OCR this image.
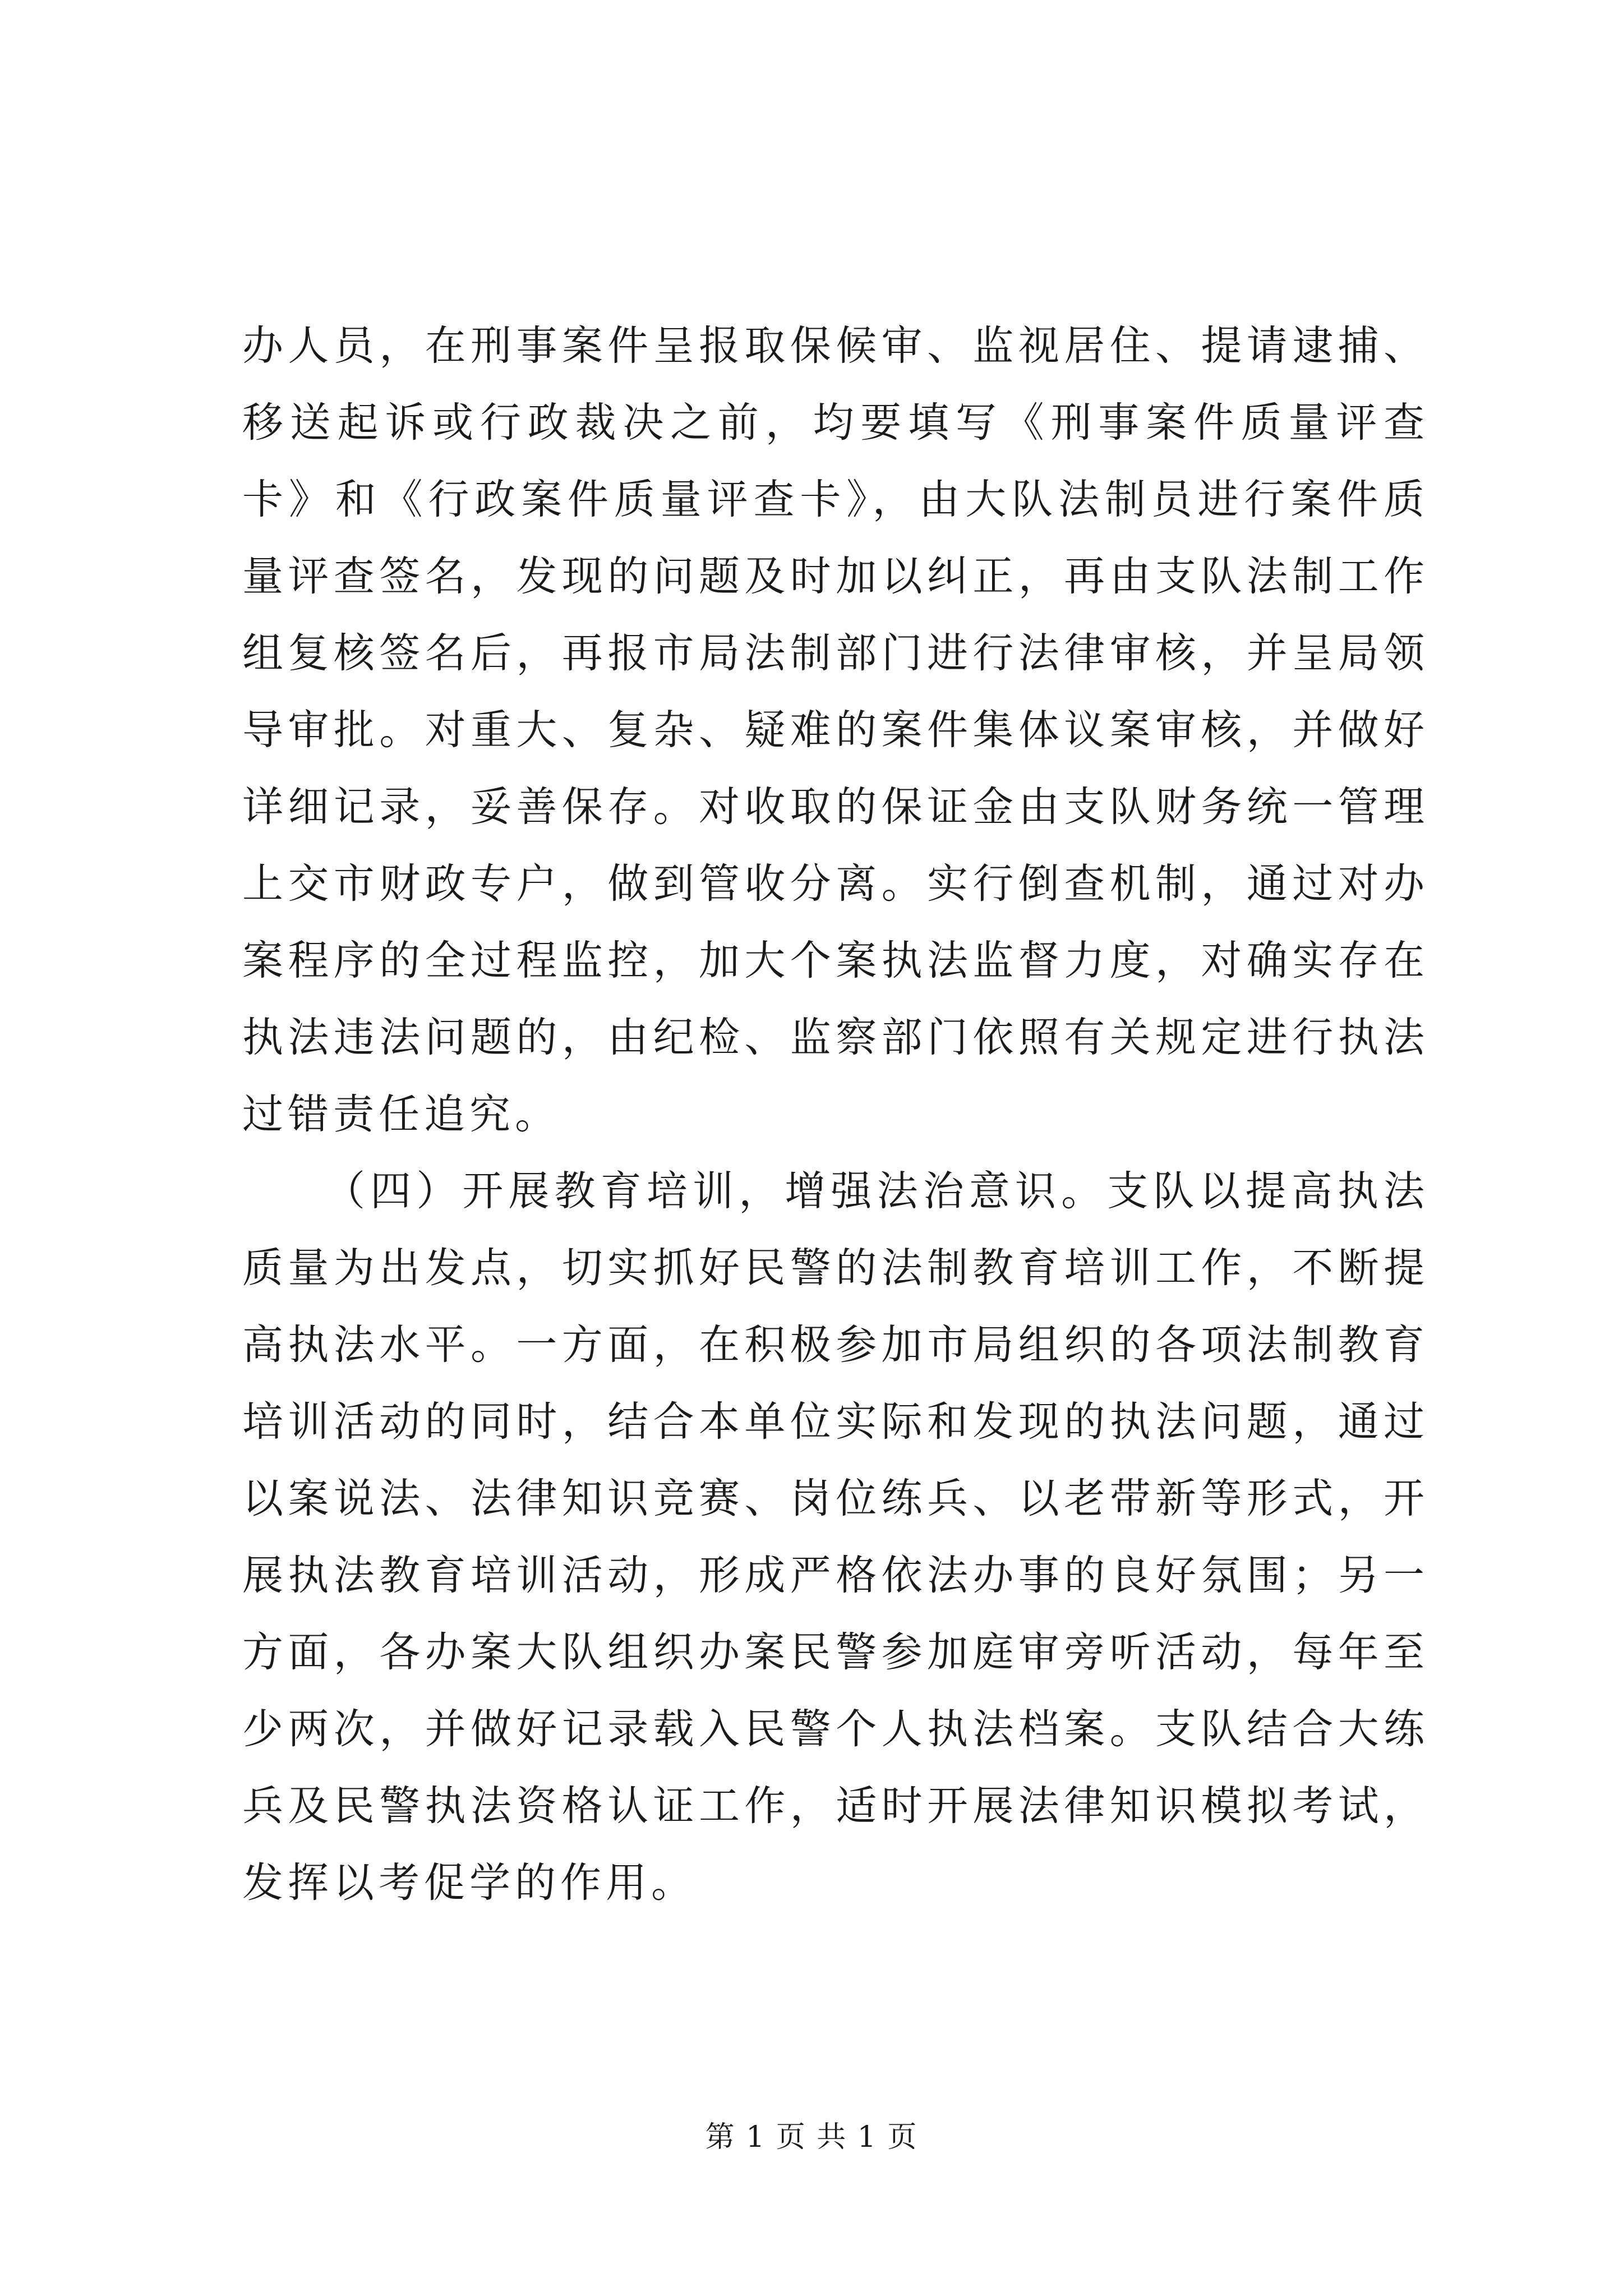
办人员，在刑事案件呈报取保候审、监视居住、提请逮捕、移送起诉或行政裁决之前，均要填写《刑事案件质量评查卡》和《行政案件质量评查卡》，由大队法制员进行案件质量评查签名，发现的问题及时加以纠正，再由支队法制工作组复核签名后，再报市局法制部门进行法律审核，并呈局领导审批。对重大、复杂、疑难的案件集体议案审核，并做好详细记录，妥善保存。对收取的保证金由支队财务统一管理上交市财政专户，做到管收分离。实行倒查机制，通过对办案程序的全过程监控，加大个案执法监督力度，对确实存在执法违法问题的，由纪检、监察部门依照有关规定进行执法过错责任追究。

（四）开展教育培训，增强法治意识。支队以提高执法质量为出发点，切实抓好民警的法制教育培训工作，不断提高执法水平。一方面，在积极参加市局组织的各项法制教育培训活动的同时，结合本单位实际和发现的执法问题，通过以案说法、法律知识竞赛、岗位练兵、以老带新等形式，开展执法教育培训活动，形成严格依法办事的良好氛围；另一方面，各办案大队组织办案民警参加庭审旁听活动，每年至少两次，并做好记录载入民警个人执法档案。支队结合大练兵及民警执法资格认证工作，适时开展法律知识模拟考试，发挥以考促学的作用。

第 1 页 共 1 页
